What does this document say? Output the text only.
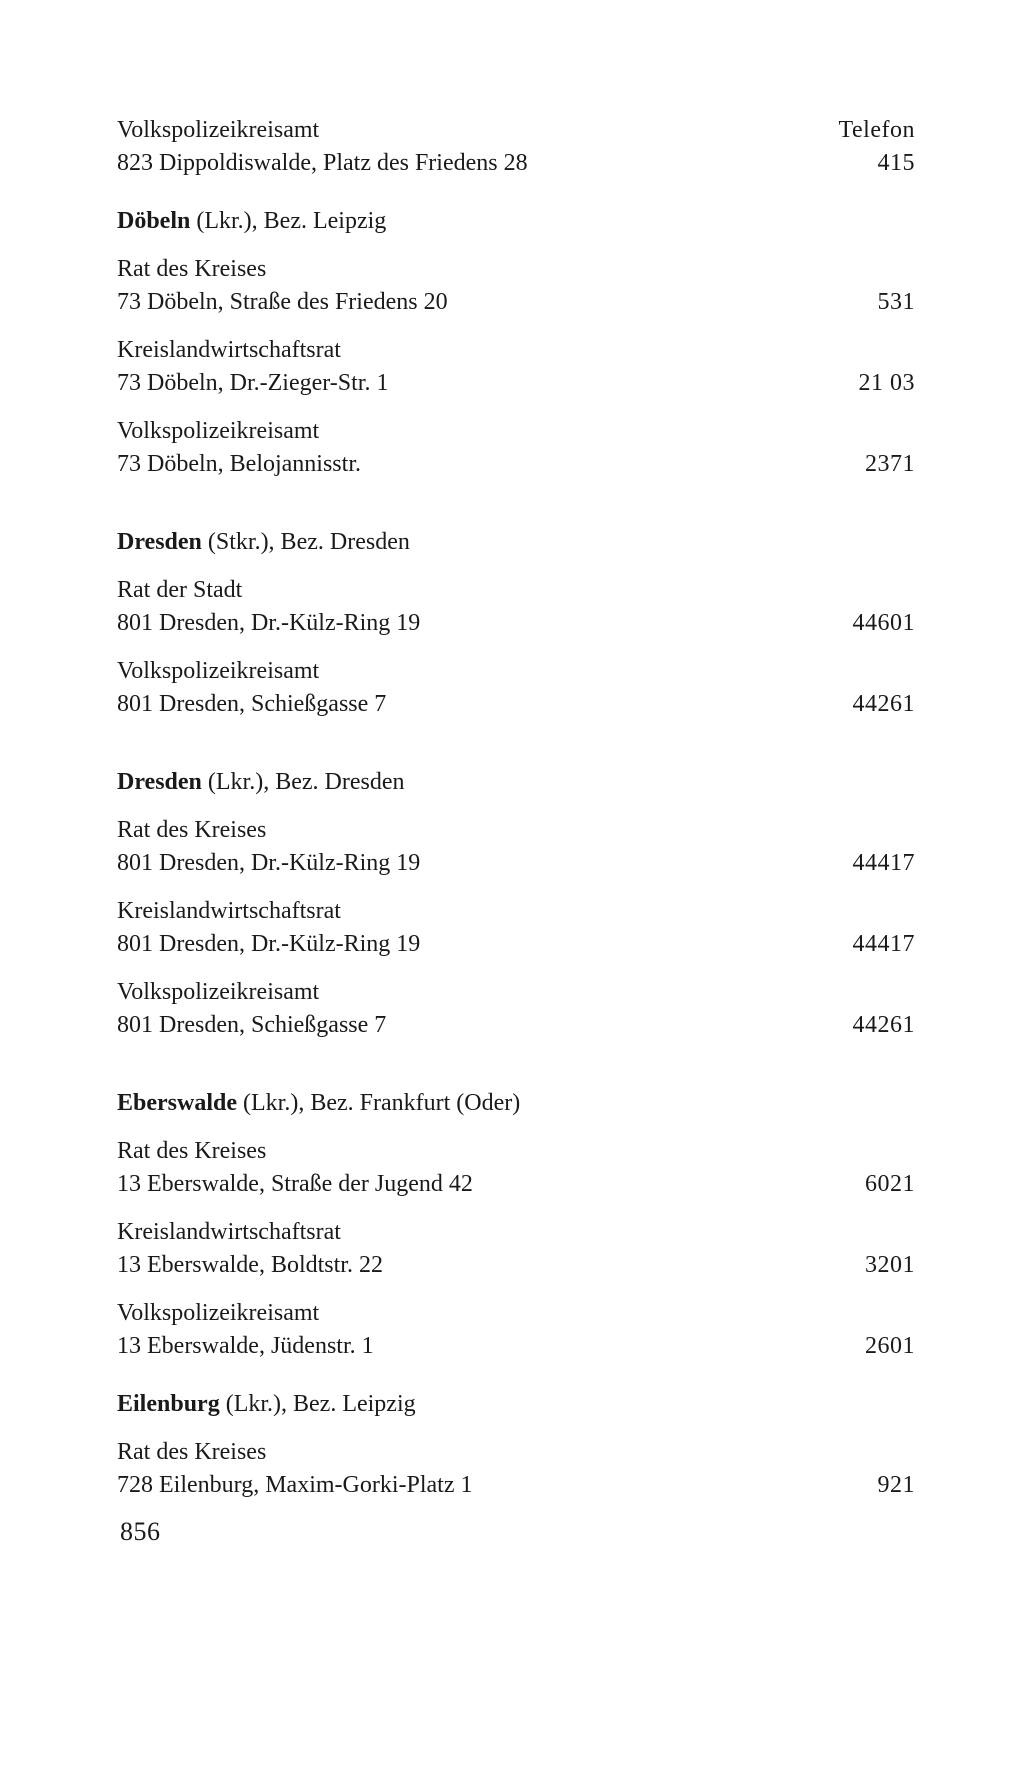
Volkspolizeikreisamt	Telefon
823 Dippoldiswalde, Platz des Friedens 28	415
Döbeln (Lkr.), Bez. Leipzig
Rat des Kreises
73 Döbeln, Straße des Friedens 20	531
Kreislandwirtschaftsrat
73 Döbeln, Dr.-Zieger-Str. 1	21 03
Volkspolizeikreisamt
73 Döbeln, Belojannisstr.	2371
Dresden (Stkr.), Bez. Dresden
Rat der Stadt
801 Dresden, Dr.-Külz-Ring 19	44601
Volkspolizeikreisamt
801 Dresden, Schießgasse 7	44261
Dresden (Lkr.), Bez. Dresden
Rat des Kreises
801 Dresden, Dr.-Külz-Ring 19	44417
Kreislandwirtschaftsrat
801 Dresden, Dr.-Külz-Ring 19	44417
Volkspolizeikreisamt
801 Dresden, Schießgasse 7	44261
Eberswalde (Lkr.), Bez. Frankfurt (Oder)
Rat des Kreises
13 Eberswalde, Straße der Jugend 42	6021
Kreislandwirtschaftsrat
13 Eberswalde, Boldtstr. 22	3201
Volkspolizeikreisamt
13 Eberswalde, Jüdenstr. 1	2601
Eilenburg (Lkr.), Bez. Leipzig
Rat des Kreises
728 Eilenburg, Maxim-Gorki-Platz 1	921
856
